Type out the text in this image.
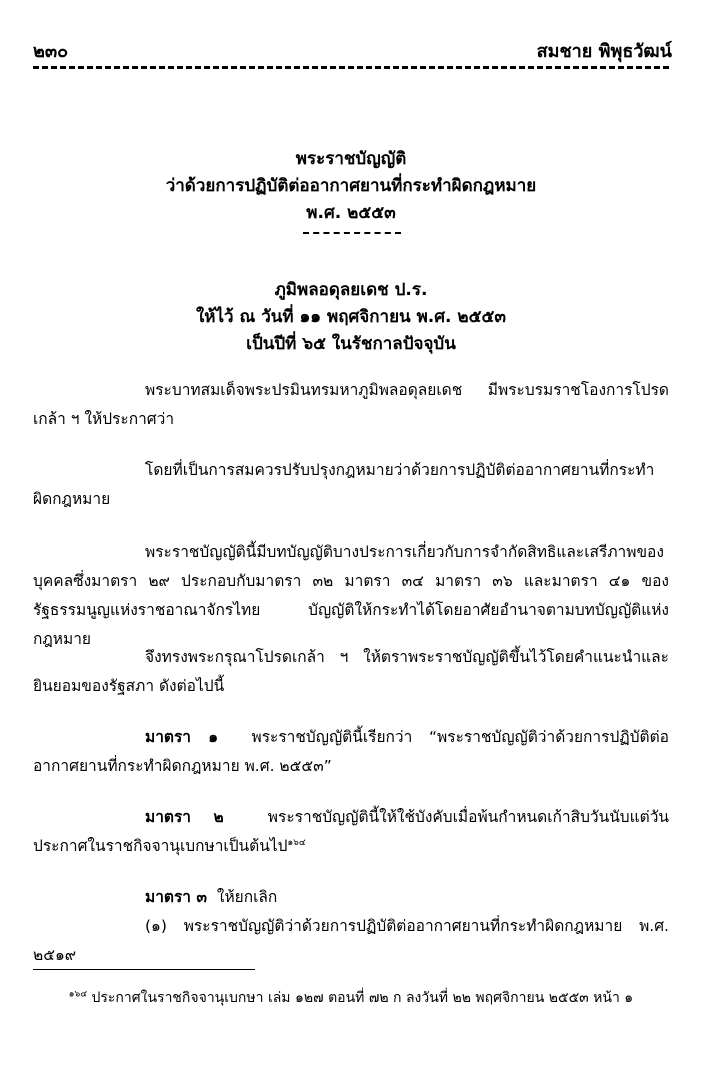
๒๓๐	สมชาย พิพุธวัฒน์
พระราชบัญญัติ
ว่าด้วยการปฏิบัติต่ออากาศยานที่กระทำผิดกฎหมาย
พ.ศ. ๒๕๕๓
ภูมิพลอดุลยเดช ป.ร.
ให้ไว้ ณ วันที่ ๑๑ พฤศจิกายน พ.ศ. ๒๕๕๓
เป็นปีที่ ๖๕ ในรัชกาลปัจจุบัน
พระบาทสมเด็จพระปรมินทรมหาภูมิพลอดุลยเดช มีพระบรมราชโองการโปรดเกล้า ฯ ให้ประกาศว่า
โดยที่เป็นการสมควรปรับปรุงกฎหมายว่าด้วยการปฏิบัติต่ออากาศยานที่กระทำผิดกฎหมาย
พระราชบัญญัตินี้มีบทบัญญัติบางประการเกี่ยวกับการจำกัดสิทธิและเสรีภาพของบุคคลซึ่งมาตรา ๒๙ ประกอบกับมาตรา ๓๒ มาตรา ๓๔ มาตรา ๓๖ และมาตรา ๔๑ ของรัฐธรรมนูญแห่งราชอาณาจักรไทย บัญญัติให้กระทำได้โดยอาศัยอำนาจตามบทบัญญัติแห่งกฎหมาย
จึงทรงพระกรุณาโปรดเกล้า ฯ ให้ตราพระราชบัญญัติขึ้นไว้โดยคำแนะนำและยินยอมของรัฐสภา ดังต่อไปนี้
มาตรา ๑ พระราชบัญญัตินี้เรียกว่า “พระราชบัญญัติว่าด้วยการปฏิบัติต่ออากาศยานที่กระทำผิดกฎหมาย พ.ศ. ๒๕๕๓”
มาตรา ๒	พระราชบัญญัตินี้ให้ใช้บังคับเมื่อพ้นกำหนดเก้าสิบวันนับแต่วันประกาศในราชกิจจานุเบกษาเป็นต้นไป$^{๑๖๔}$
มาตรา ๓ ให้ยกเลิก
(๑) พระราชบัญญัติว่าด้วยการปฏิบัติต่ออากาศยานที่กระทำผิดกฎหมาย พ.ศ. ๒๕๑๙
$^{๑๖๔}$ ประกาศในราชกิจจานุเบกษา เล่ม ๑๒๗ ตอนที่ ๗๒ ก ลงวันที่ ๒๒ พฤศจิกายน ๒๕๕๓ หน้า ๑
